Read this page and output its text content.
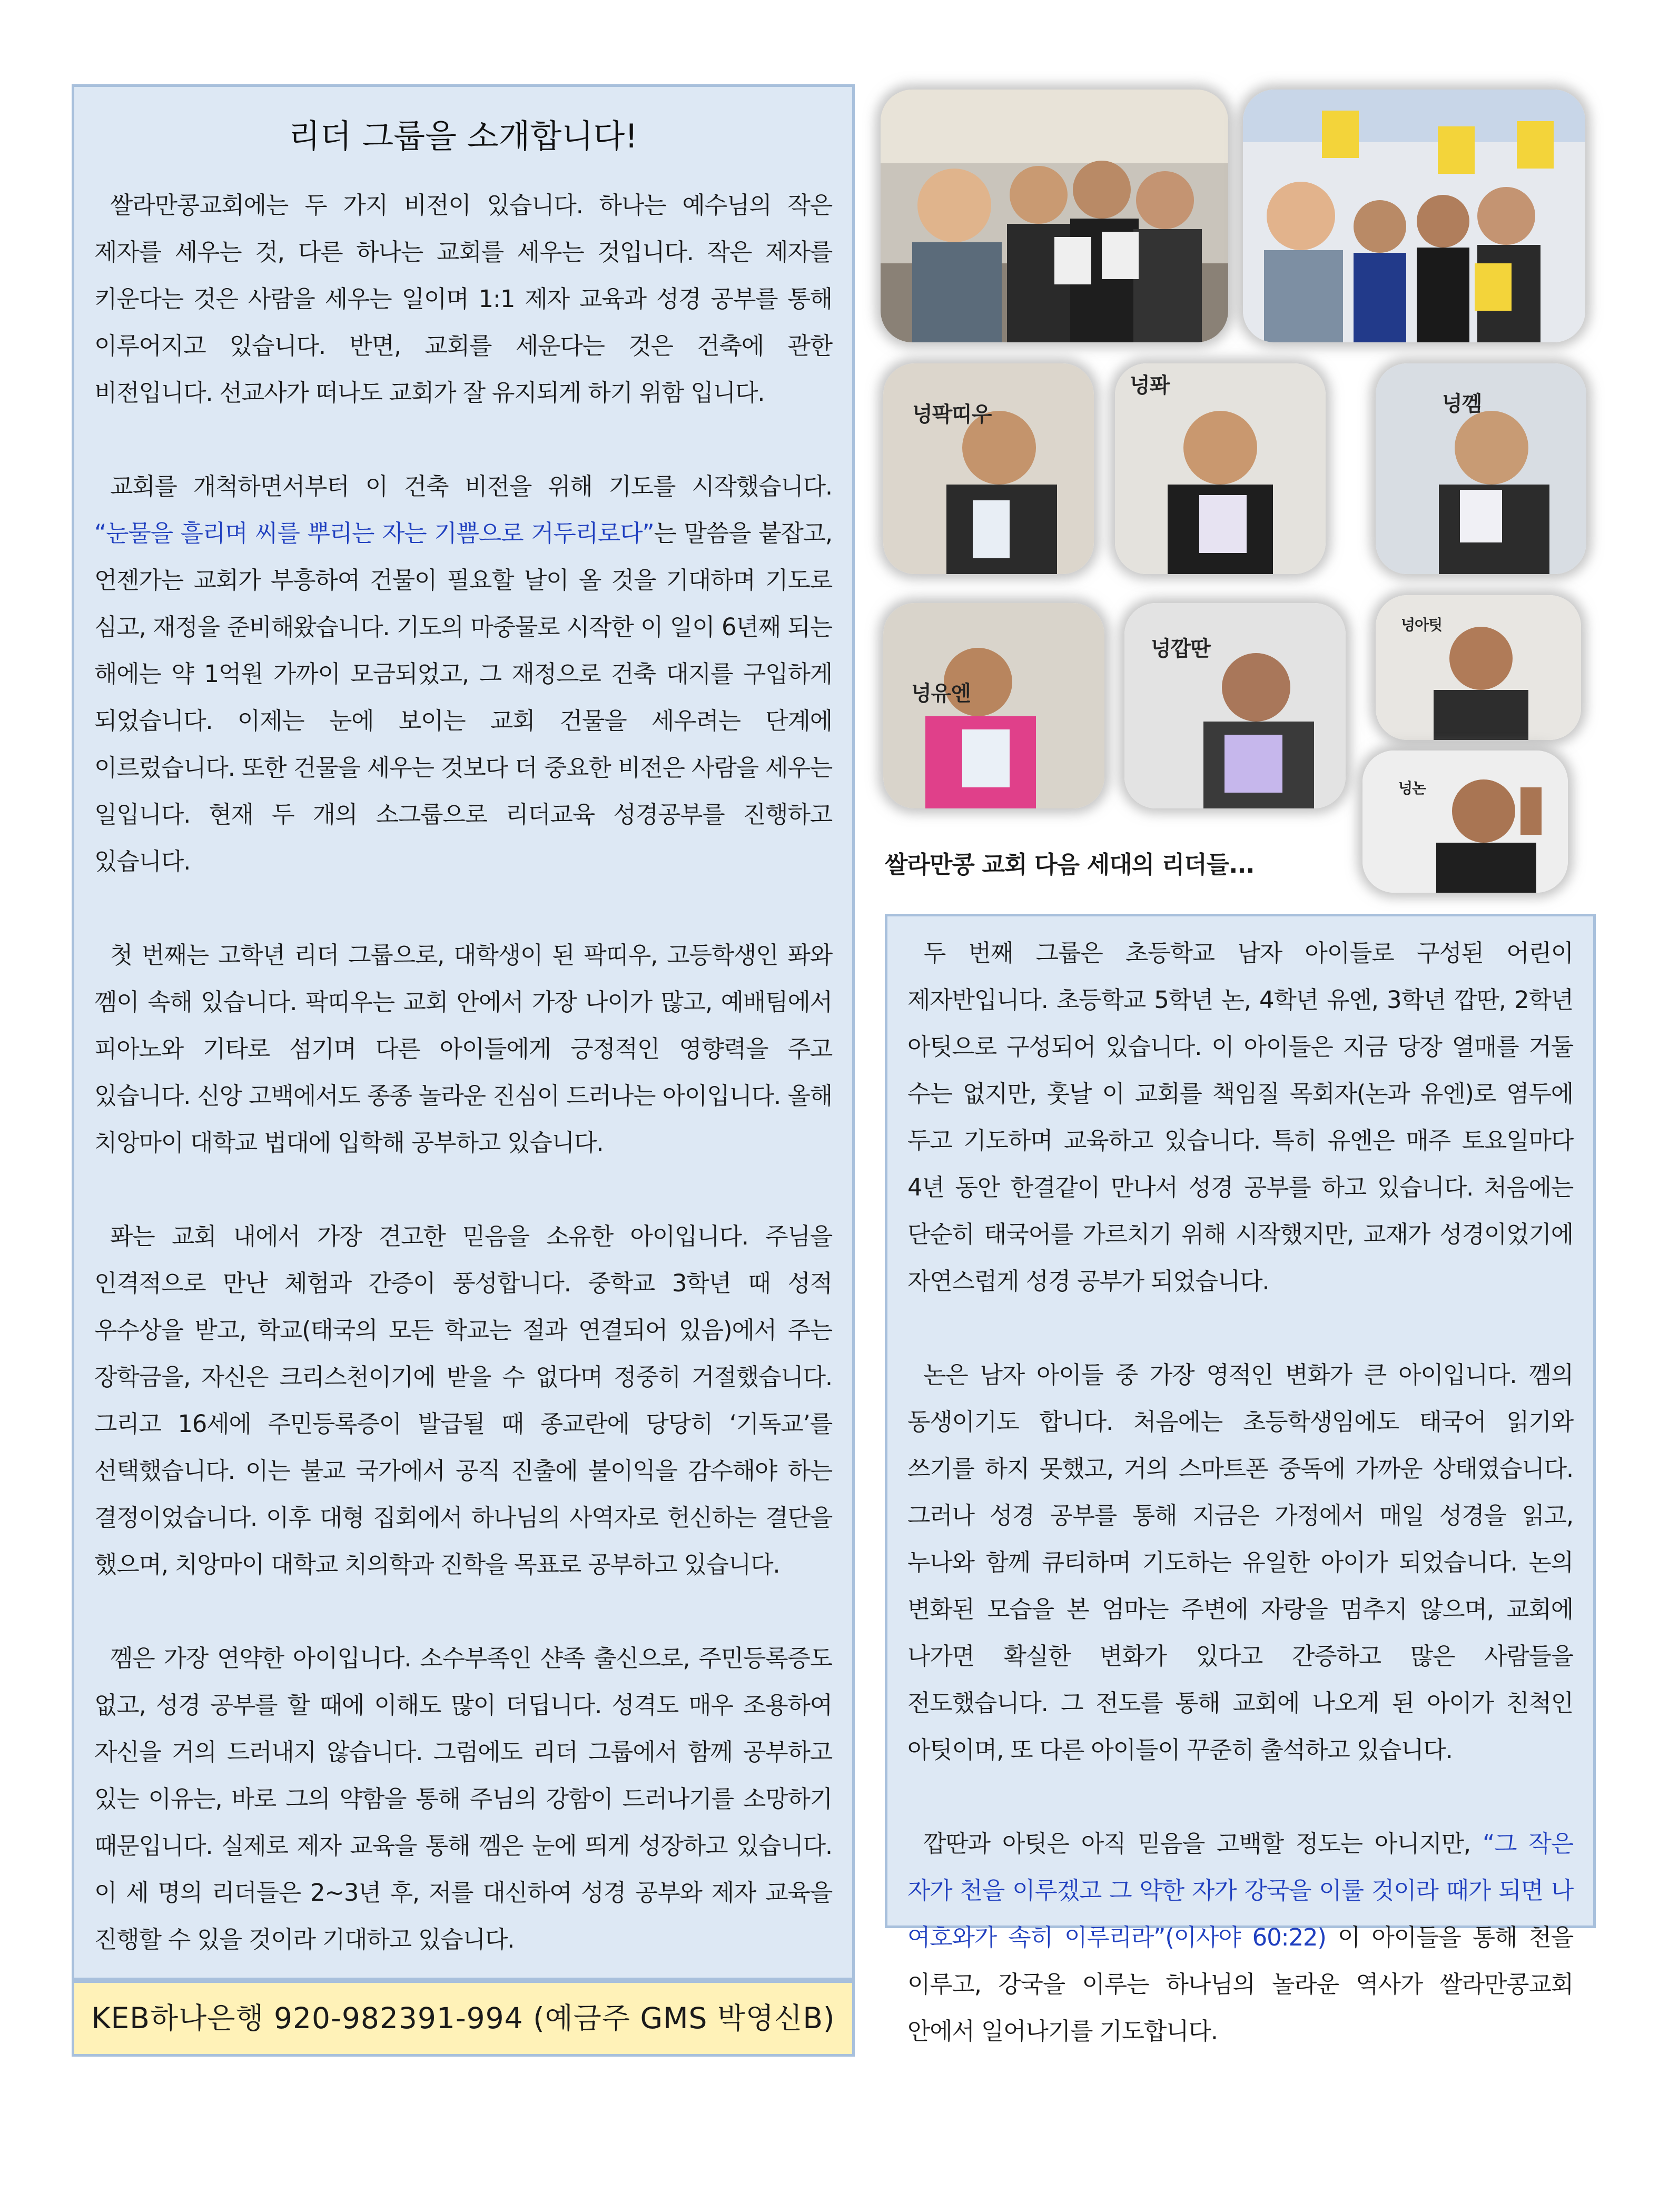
리더 그룹을 소개합니다!

쌀라만콩교회에는 두 가지 비전이 있습니다. 하나는 예수님의 작은 제자를 세우는 것, 다른 하나는 교회를 세우는 것입니다. 작은 제자를 키운다는 것은 사람을 세우는 일이며 1:1 제자 교육과 성경 공부를 통해 이루어지고 있습니다. 반면, 교회를 세운다는 것은 건축에 관한 비전입니다. 선교사가 떠나도 교회가 잘 유지되게 하기 위함 입니다.

교회를 개척하면서부터 이 건축 비전을 위해 기도를 시작했습니다. “눈물을 흘리며 씨를 뿌리는 자는 기쁨으로 거두리로다”는 말씀을 붙잡고, 언젠가는 교회가 부흥하여 건물이 필요할 날이 올 것을 기대하며 기도로 심고, 재정을 준비해왔습니다. 기도의 마중물로 시작한 이 일이 6년째 되는 해에는 약 1억원 가까이 모금되었고, 그 재정으로 건축 대지를 구입하게 되었습니다. 이제는 눈에 보이는 교회 건물을 세우려는 단계에 이르렀습니다. 또한 건물을 세우는 것보다 더 중요한 비전은 사람을 세우는 일입니다. 현재 두 개의 소그룹으로 리더교육 성경공부를 진행하고 있습니다.

첫 번째는 고학년 리더 그룹으로, 대학생이 된 팍띠우, 고등학생인 퐈와 껨이 속해 있습니다. 팍띠우는 교회 안에서 가장 나이가 많고, 예배팀에서 피아노와 기타로 섬기며 다른 아이들에게 긍정적인 영향력을 주고 있습니다. 신앙 고백에서도 종종 놀라운 진심이 드러나는 아이입니다. 올해 치앙마이 대학교 법대에 입학해 공부하고 있습니다.

퐈는 교회 내에서 가장 견고한 믿음을 소유한 아이입니다. 주님을 인격적으로 만난 체험과 간증이 풍성합니다. 중학교 3학년 때 성적 우수상을 받고, 학교(태국의 모든 학교는 절과 연결되어 있음)에서 주는 장학금을, 자신은 크리스천이기에 받을 수 없다며 정중히 거절했습니다. 그리고 16세에 주민등록증이 발급될 때 종교란에 당당히 ‘기독교’를 선택했습니다. 이는 불교 국가에서 공직 진출에 불이익을 감수해야 하는 결정이었습니다. 이후 대형 집회에서 하나님의 사역자로 헌신하는 결단을 했으며, 치앙마이 대학교 치의학과 진학을 목표로 공부하고 있습니다.

껨은 가장 연약한 아이입니다. 소수부족인 샨족 출신으로, 주민등록증도 없고, 성경 공부를 할 때에 이해도 많이 더딥니다. 성격도 매우 조용하여 자신을 거의 드러내지 않습니다. 그럼에도 리더 그룹에서 함께 공부하고 있는 이유는, 바로 그의 약함을 통해 주님의 강함이 드러나기를 소망하기 때문입니다. 실제로 제자 교육을 통해 껨은 눈에 띄게 성장하고 있습니다. 이 세 명의 리더들은 2~3년 후, 저를 대신하여 성경 공부와 제자 교육을 진행할 수 있을 것이라 기대하고 있습니다.

KEB하나은행 920-982391-994 (예금주 GMS 박영신B)
넝팍띠우
넝퐈
넝껨
넝유엔
넝깝딴
넝아팃
넝논
쌀라만콩 교회 다음 세대의 리더들...

두 번째 그룹은 초등학교 남자 아이들로 구성된 어린이 제자반입니다. 초등학교 5학년 논, 4학년 유엔, 3학년 깝딴, 2학년 아팃으로 구성되어 있습니다. 이 아이들은 지금 당장 열매를 거둘 수는 없지만, 훗날 이 교회를 책임질 목회자(논과 유엔)로 염두에 두고 기도하며 교육하고 있습니다. 특히 유엔은 매주 토요일마다 4년 동안 한결같이 만나서 성경 공부를 하고 있습니다. 처음에는 단순히 태국어를 가르치기 위해 시작했지만, 교재가 성경이었기에 자연스럽게 성경 공부가 되었습니다.

논은 남자 아이들 중 가장 영적인 변화가 큰 아이입니다. 껨의 동생이기도 합니다. 처음에는 초등학생임에도 태국어 읽기와 쓰기를 하지 못했고, 거의 스마트폰 중독에 가까운 상태였습니다. 그러나 성경 공부를 통해 지금은 가정에서 매일 성경을 읽고, 누나와 함께 큐티하며 기도하는 유일한 아이가 되었습니다. 논의 변화된 모습을 본 엄마는 주변에 자랑을 멈추지 않으며, 교회에 나가면 확실한 변화가 있다고 간증하고 많은 사람들을 전도했습니다. 그 전도를 통해 교회에 나오게 된 아이가 친척인 아팃이며, 또 다른 아이들이 꾸준히 출석하고 있습니다.

깝딴과 아팃은 아직 믿음을 고백할 정도는 아니지만, “그 작은 자가 천을 이루겠고 그 약한 자가 강국을 이룰 것이라 때가 되면 나 여호와가 속히 이루리라”(이사야 60:22) 이 아이들을 통해 천을 이루고, 강국을 이루는 하나님의 놀라운 역사가 쌀라만콩교회 안에서 일어나기를 기도합니다.
